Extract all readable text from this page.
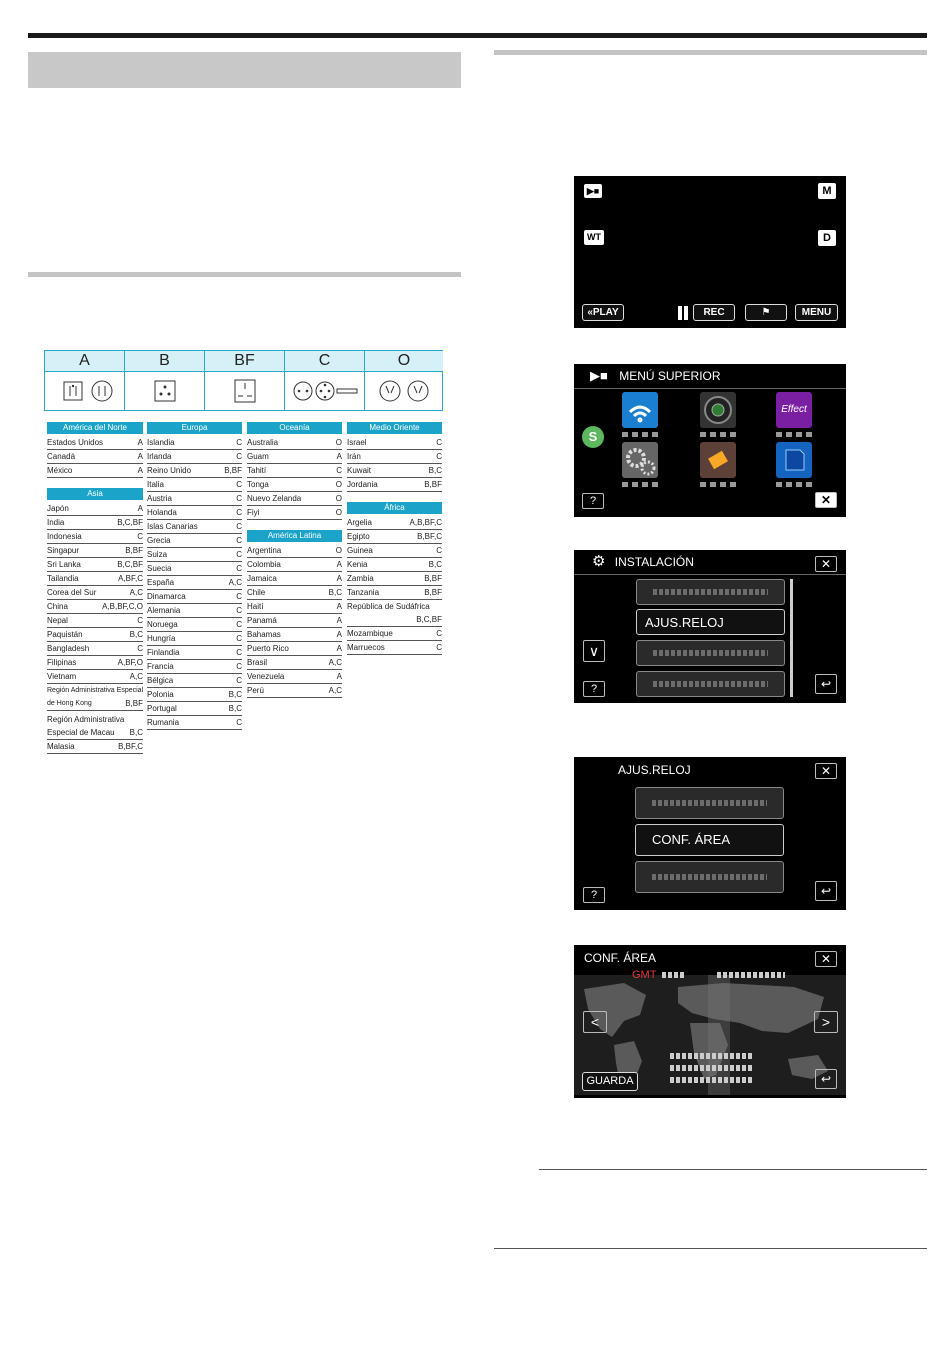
A	B	BF	C	O
América del Norte
Estados Unidos	A
Canadá	A
México	A
Asia
Japón	A
India	B,C,BF
Indonesia	C
Singapur	B,BF
Sri Lanka	B,C,BF
Tailandia	A,BF,C
Corea del Sur	A,C
China	A,B,BF,C,O
Nepal	C
Paquistán	B,C
Bangladesh	C
Filipinas	A,BF,O
Vietnam	A,C
Región Administrativa Especial
de Hong Kong	B,BF
Región Administrativa
Especial de Macau B,C
Malasia	B,BF,C
Europa
Islandia	C
Irlanda	C
Reino Unido	B,BF
Italia	C
Austria	C
Holanda	C
Islas Canarias	C
Grecia	C
Suiza	C
Suecia	C
España	A,C
Dinamarca	C
Alemania	C
Noruega	C
Hungría	C
Finlandia	C
Francia	C
Bélgica	C
Polonia	B,C
Portugal	B,C
Rumania	C
Oceanía
Australia	O
Guam	A
Tahití	C
Tonga	O
Nuevo Zelanda	O
Fiyi	O
América Latina
Argentina	O
Colombia	A
Jamaica	A
Chile	B,C
Haití	A
Panamá	A
Bahamas	A
Puerto Rico	A
Brasil	A,C
Venezuela	A
Perú	A,C
Medio Oriente
Israel	C
Irán	C
Kuwait	B,C
Jordania	B,BF
África
Argelia	A,B,BF,C
Egipto	B,BF,C
Guinea	C
Kenia	B,C
Zambia	B,BF
Tanzania	B,BF
República de Sudáfrica
B,C,BF
Mozambique	C
Marruecos	C
▶■	M
WT	D
«PLAY	REC	⚑	MENU
▶■ MENÚ SUPERIOR
S
Effect
?	✕
⚙ INSTALACIÓN	✕
AJUS.RELOJ
∨
?	↩
AJUS.RELOJ	✕
CONF. ÁREA
?	↩
CONF. ÁREA	✕
GMT
<	>
GUARDA	↩
